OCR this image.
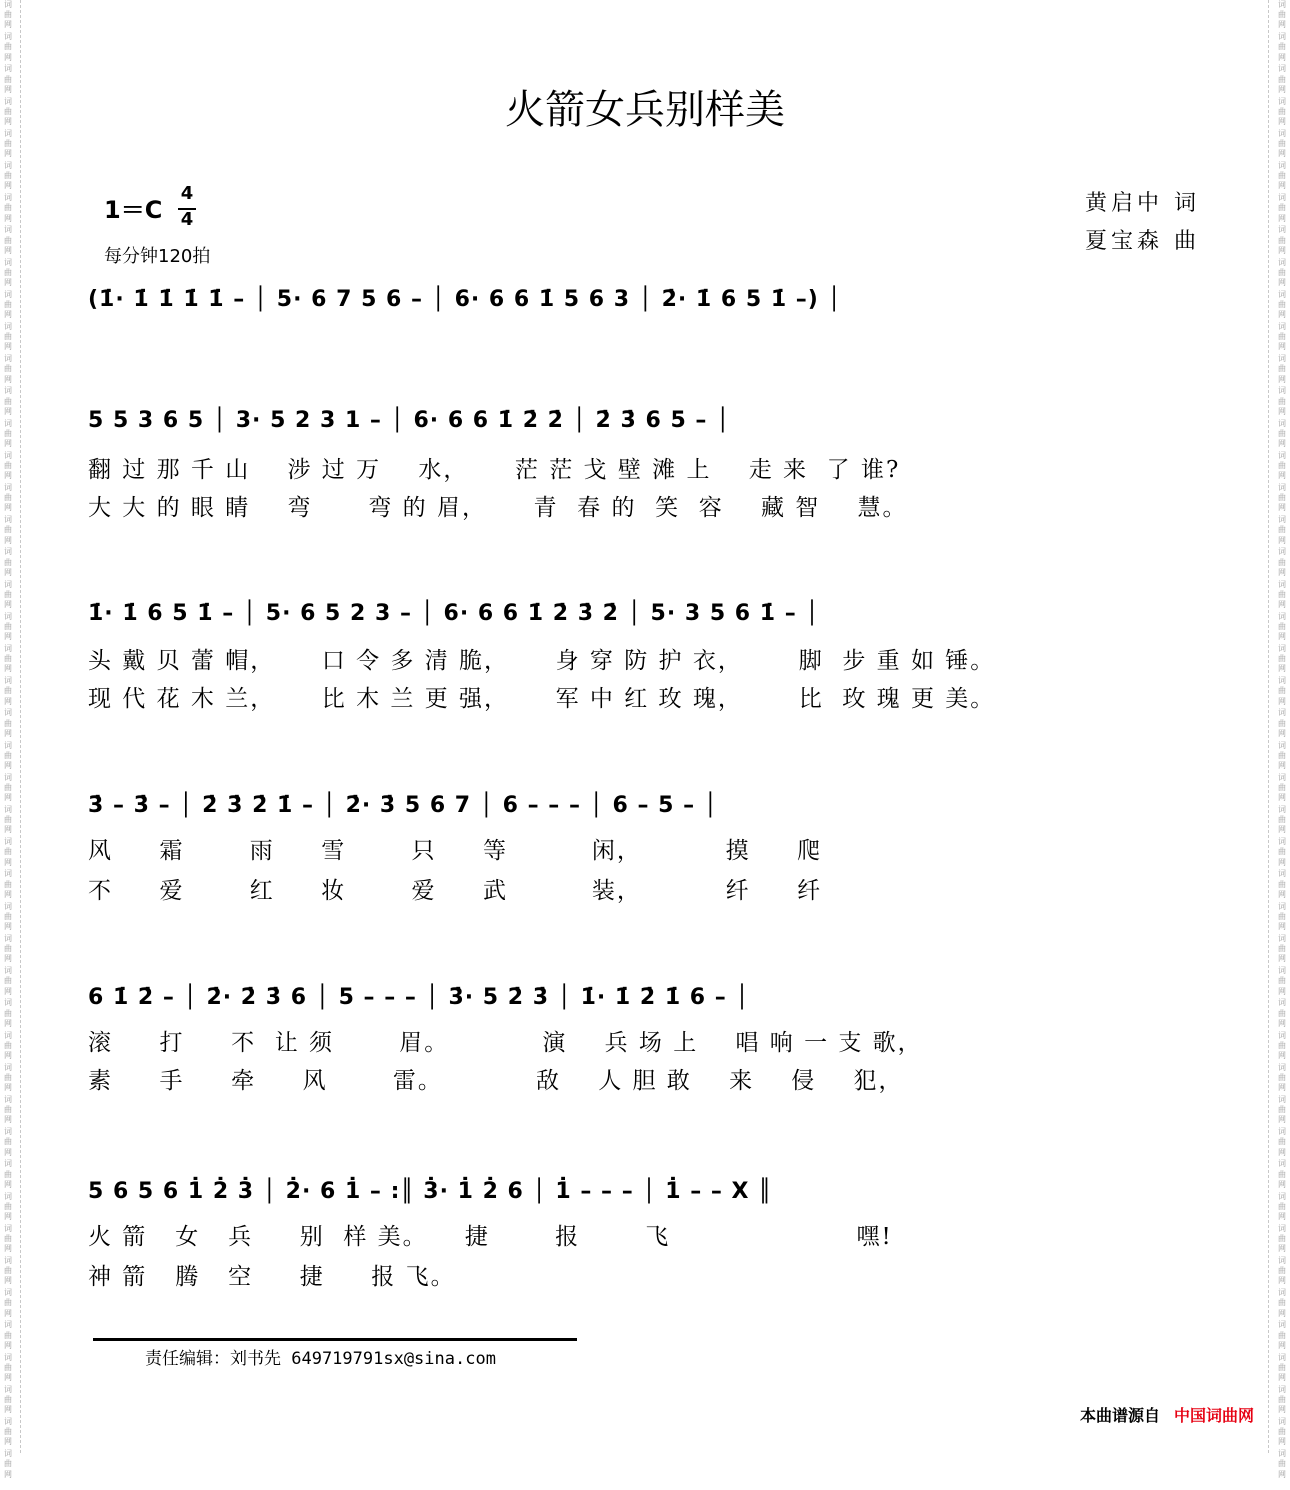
词
曲
网

词
曲
网

词
曲
网

词
曲
网

词
曲
网

词
曲
网

词
曲
网

词
曲
网

词
曲
网

词
曲
网

词
曲
网

词
曲
网

词
曲
网

词
曲
网

词
曲
网

词
曲
网

词
曲
网

词
曲
网

词
曲
网

词
曲
网

词
曲
网

词
曲
网

词
曲
网

词
曲
网

词
曲
网

词
曲
网

词
曲
网

词
曲
网

词
曲
网

词
曲
网

词
曲
网

词
曲
网

词
曲
网

词
曲
网

词
曲
网

词
曲
网

词
曲
网

词
曲
网

词
曲
网

词
曲
网

词
曲
网

词
曲
网

词
曲
网

词
曲
网

词
曲
网

词
曲
网

词
曲
网

词
曲
网

词
曲
网

词
曲
网

词
曲
网

词
曲
网

词
曲
网

词
曲
网

词
曲
网

词
曲
网

词
曲
网

词
曲
网

词
曲
网

词
曲
网

词
曲
网

词
曲
网

词
曲
网

词
曲
网

词
曲
网

词
曲
网

词
曲
网

词
曲
网

词
曲
网

词
曲
网

词
曲
网

词
曲
网

词
曲
网

词
曲
网

词
曲
网

词
曲
网

词
曲
网

词
曲
网

词
曲
网

词
曲
网

词
曲
网

词
曲
网

词
曲
网

词
曲
网

词
曲
网

词
曲
网

词
曲
网

词
曲
网

词
曲
网

词
曲
网

词
曲
网

词
曲
网

火箭女兵别样美
1＝C
4
4
每分钟120拍
黄启中 词
夏宝森 曲
(1̇· 1̇ 1̇ 1̇ 1̇ – │ 5· 6 7 5 6 – │ 6· 6 6 1̇ 5 6 3 │ 2̇· 1̇ 6 5 1̇ –) │
5 5 3 6 5 │ 3· 5 2 3 1 – │ 6· 6 6 1̇ 2̇ 2̇ │ 2̇ 3̇ 6 5 – │
翻 过 那 千 山    涉 过 万    水，     茫 茫 戈 壁 滩 上    走 来  了 谁?
大 大 的 眼 睛    弯      弯 的 眉，     青  春 的  笑  容    藏 智    慧。
1̇· 1̇ 6 5 1̇ – │ 5· 6 5 2 3 – │ 6· 6 6 1̇ 2̇ 3̇ 2̇ │ 5· 3 5 6 1̇ – │
头 戴 贝 蕾 帽，     口 令 多 清 脆，     身 穿 防 护 衣，      脚  步 重 如 锤。
现 代 花 木 兰，     比 木 兰 更 强，     军 中 红 玫 瑰，      比  玫 瑰 更 美。
3̇ – 3̇ – │ 2̇ 3̇ 2̇ 1̇ – │ 2̇· 3̇ 5 6 7 │ 6 – – – │ 6 – 5 – │
风     霜       雨     雪       只     等         闲，         摸     爬
不     爱       红     妆       爱     武         装，         纤     纤
6 1̇ 2̇ – │ 2̇· 2̇ 3̇ 6 │ 5 – – – │ 3̇· 5 2̇ 3̇ │ 1̇· 1̇ 2̇ 1̇ 6 – │
滚     打     不  让 须       眉。          演    兵 场 上    唱 响 一 支 歌，
素     手     牵     风       雷。          敌    人 胆 敢    来    侵    犯，
5 6 5 6 1̇ 2̇ 3̇ │ 2̇· 6 1̇ – :║ 3̇· 1̇ 2̇ 6 │ 1̇ – – – │ 1̇ – – X ║
火 箭   女   兵     别  样 美。    捷       报       飞                    嘿!
神 箭   腾   空     捷     报 飞。
责任编辑：刘书先 649719791sx@sina.com
本曲谱源自 中国词曲网
